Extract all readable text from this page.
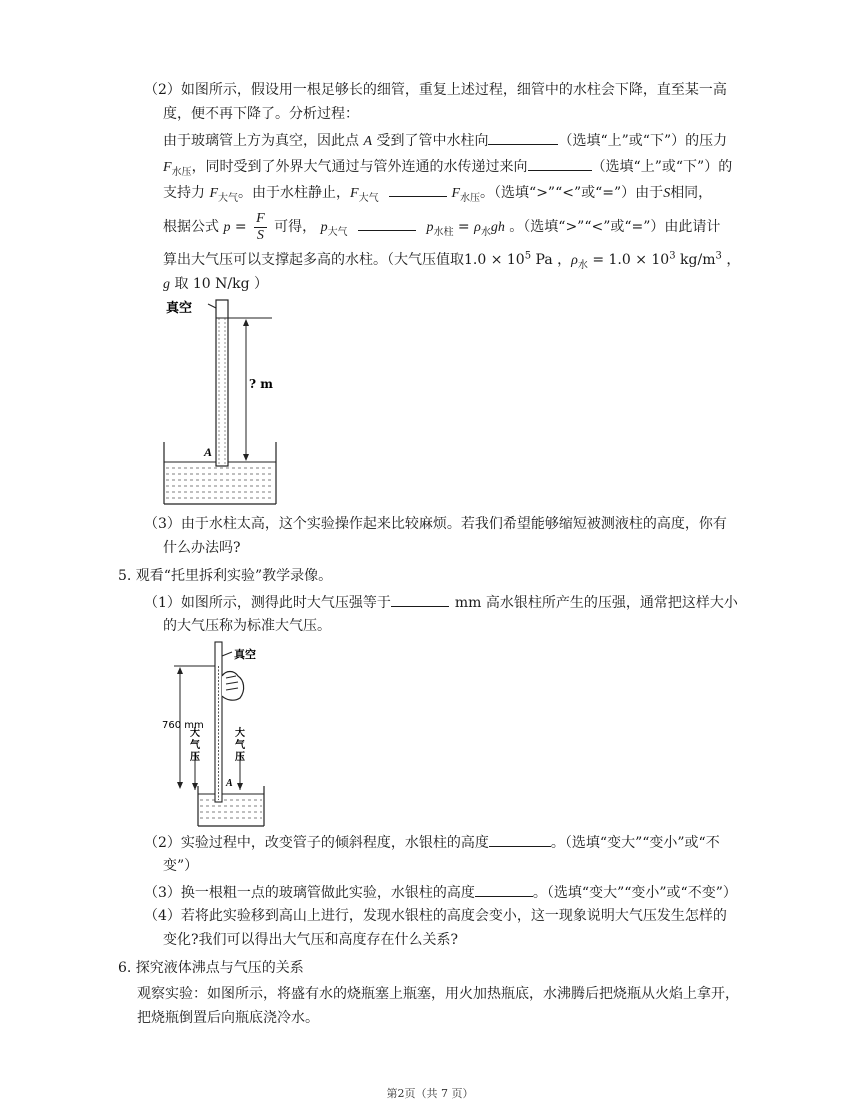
（2）如图所示，假设用一根足够长的细管，重复上述过程，细管中的水柱会下降，直至某一高
度，便不再下降了。分析过程：
由于玻璃管上方为真空，因此点 A 受到了管中水柱向	（选填“上”或“下”）的压力
$F_{水压}$，同时受到了外界大气通过与管外连通的水传递过来向	（选填“上”或“下”）的
支持力 $F_{大气}$。由于水柱静止，$F_{大气}$	$F_{水压}$。（选填“>”“<”或“=”）由于S相同，
根据公式 $p = \frac{F}{S}$ 可得， $p_{大气}$	$p_{水柱} = \rho_水gh$ 。（选填“>”“<”或“=”）由此请计
算出大气压可以支撑起多高的水柱。（大气压值取$1.0 \times 10^5$ Pa ，$\rho_水 = 1.0 \times 10^3$ $kg/m^3$ ，
g 取 10 N/kg ）
真空
? m
A
（3）由于水柱太高，这个实验操作起来比较麻烦。若我们希望能够缩短被测液柱的高度，你有
什么办法吗?
5. 观看“托里拆利实验”教学录像。
（1）如图所示，测得此时大气压强等于	mm 高水银柱所产生的压强，通常把这样大小
的大气压称为标准大气压。
真空
760 mm
大 气 压
大 气 压
A
（2）实验过程中，改变管子的倾斜程度，水银柱的高度	。（选填“变大”“变小”或“不
变”）
（3）换一根粗一点的玻璃管做此实验，水银柱的高度	。（选填“变大”“变小”或“不变”）
（4）若将此实验移到高山上进行，发现水银柱的高度会变小，这一现象说明大气压发生怎样的
变化?我们可以得出大气压和高度存在什么关系?
6. 探究液体沸点与气压的关系
观察实验：如图所示，将盛有水的烧瓶塞上瓶塞，用火加热瓶底，水沸腾后把烧瓶从火焰上拿开，
把烧瓶倒置后向瓶底浇冷水。
第2页（共 7 页）
